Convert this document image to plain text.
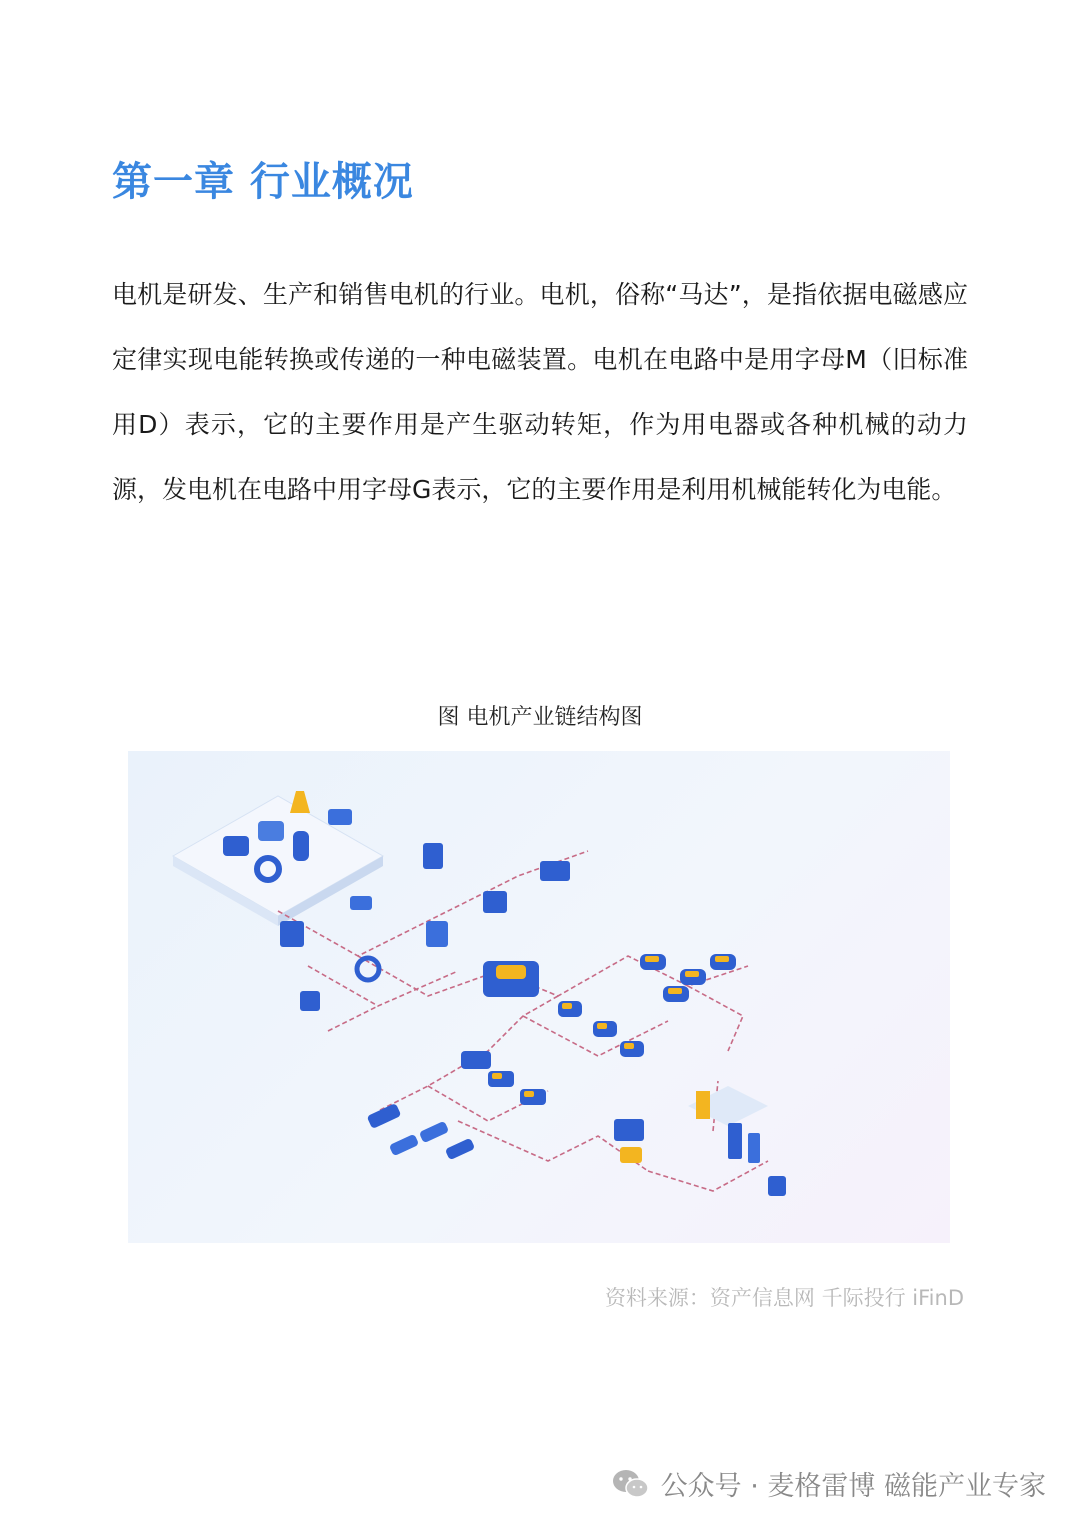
第一章 行业概况

电机是研发、生产和销售电机的行业。电机，俗称“马达”，是指依据电磁感应定律实现电能转换或传递的一种电磁装置。电机在电路中是用字母M（旧标准用D）表示，它的主要作用是产生驱动转矩，作为用电器或各种机械的动力源，发电机在电路中用字母G表示，它的主要作用是利用机械能转化为电能。

图 电机产业链结构图
资料来源：资产信息网 千际投行 iFinD
公众号 · 麦格雷博 磁能产业专家
